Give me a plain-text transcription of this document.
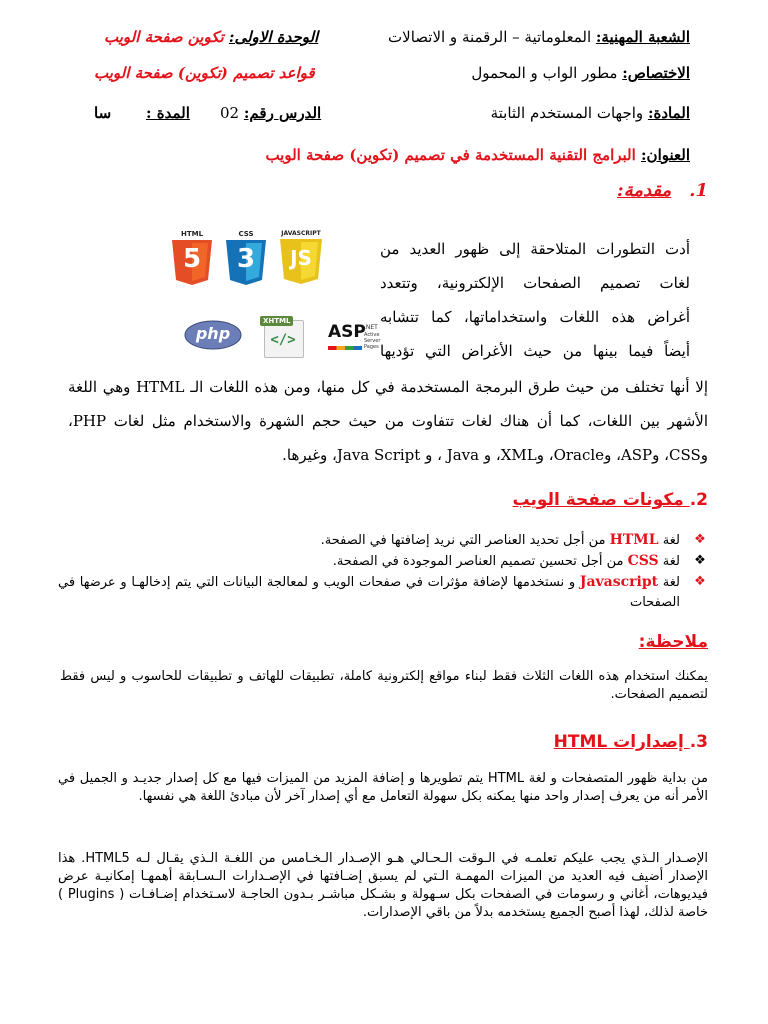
الشعبة المهنية: المعلوماتية – الرقمنة و الاتصالات
الوحدة الاولى: تكوين صفحة الويب
الاختصاص: مطور الواب و المحمول
قواعد تصميم (تكوين) صفحة الويب
المادة: واجهات المستخدم الثابتة
الدرس رقم: 02
المدة :
سا
العنوان: البرامج التقنية المستخدمة في تصميم (تكوين) صفحة الويب
1.مقدمة:
HTML
5
CSS
3
JAVASCRIPT
JS
php
XHTML
</>	ASP
.NET
Active Server Pages
أدت التطورات المتلاحقة إلى ظهور العديد من
لغات تصميم الصفحات الإلكترونية، وتتعدد
أغراض هذه اللغات واستخداماتها، كما تتشابه
أيضاً فيما بينها من حيث الأغراض التي تؤديها
إلا أنها تختلف من حيث طرق البرمجة المستخدمة في كل منها، ومن هذه اللغات الـ HTML وهي اللغة
الأشهر بين اللغات، كما أن هناك لغات تتفاوت من حيث حجم الشهرة والاستخدام مثل لغات PHP،
وCSS، وASP، وOracle، وXML، و Java ، و Java Script، وغيرها.
2. مكونات صفحة الويب
❖
لغة HTML من أجل تحديد العناصر التي نريد إضافتها في الصفحة.
❖
لغة CSS من أجل تحسين تصميم العناصر الموجودة في الصفحة.
❖
لغة Javascript و نستخدمها لإضافة مؤثرات في صفحات الويب و لمعالجة البيانات التي يتم إدخالهـا و عرضها في الصفحات
ملاحظة:
يمكنك استخدام هذه اللغات الثلاث فقط لبناء مواقع إلكترونية كاملة، تطبيقات للهاتف و تطبيقات للحاسوب و ليس فقط لتصميم الصفحات.
3. إصدارات HTML
من بداية ظهور المتصفحات و لغة HTML يتم تطويرها و إضافة المزيد من الميزات فيها مع كل إصدار جديـد و الجميل في الأمر أنه من يعرف إصدار واحد منها يمكنه بكل سهولة التعامل مع أي إصدار آخر لأن مبادئ اللغة هي نفسها.
الإصـدار الـذي يجب عليكم تعلمـه في الـوقت الـحـالي هـو الإصـدار الـخـامس من اللغـة الـذي يقـال لـه HTML5. هذا الإصدار أضيف فيه العديد من الميزات المهمـة الـتي لم يسبق إضـافتها في الإصـدارات الـسـابقة أهمهـا إمكانيـة عرض فيديوهات، أغاني و رسومات في الصفحات بكل سـهولة و بشـكل مباشـر بـدون الحاجـة لاسـتخدام إضـافـات ( Plugins ) خاصة لذلك، لهذا أصبح الجميع يستخدمه بدلاً من باقي الإصدارات.
